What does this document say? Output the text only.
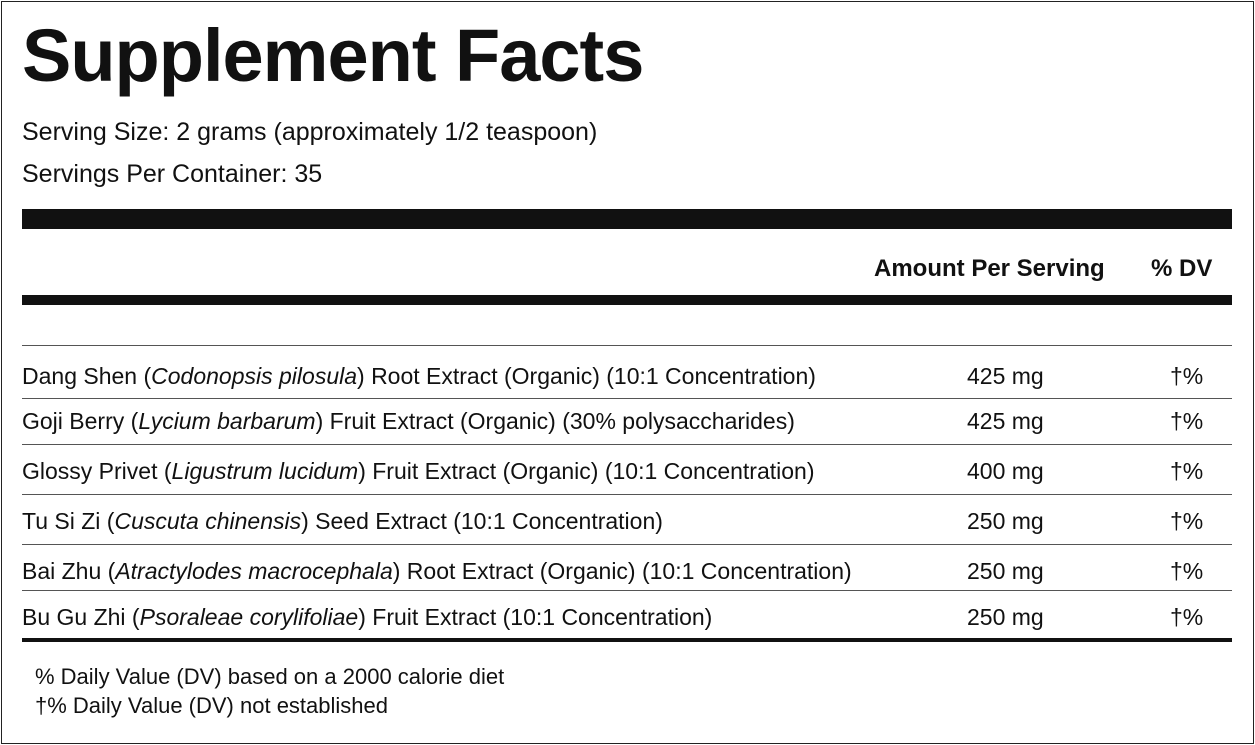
Supplement Facts
Serving Size: 2 grams (approximately 1/2 teaspoon)
Servings Per Container: 35
Amount Per Serving % DV
Dang Shen (Codonopsis pilosula) Root Extract (Organic) (10:1 Concentration)	425 mg	†%
Goji Berry (Lycium barbarum) Fruit Extract (Organic) (30% polysaccharides)	425 mg	†%
Glossy Privet (Ligustrum lucidum) Fruit Extract (Organic) (10:1 Concentration)	400 mg	†%
Tu Si Zi (Cuscuta chinensis) Seed Extract (10:1 Concentration)	250 mg	†%
Bai Zhu (Atractylodes macrocephala) Root Extract (Organic) (10:1 Concentration)	250 mg	†%
Bu Gu Zhi (Psoraleae corylifoliae) Fruit Extract (10:1 Concentration)	250 mg	†%
% Daily Value (DV) based on a 2000 calorie diet
†% Daily Value (DV) not established
